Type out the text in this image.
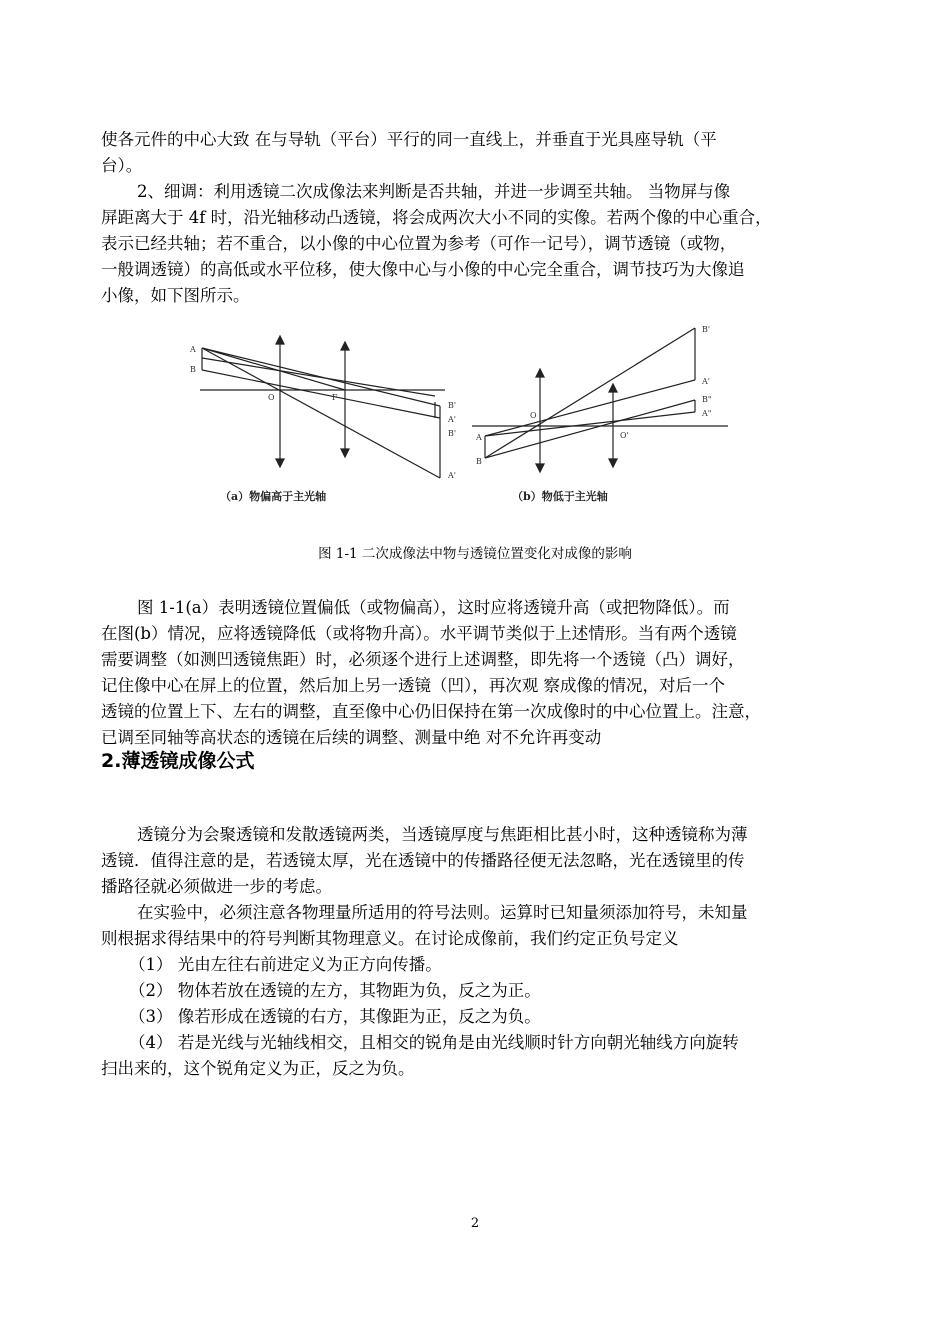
使各元件的中心大致 在与导轨（平台）平行的同一直线上，并垂直于光具座导轨（平
台）。
2、细调：利用透镜二次成像法来判断是否共轴，并进一步调至共轴。 当物屏与像
屏距离大于 4f 时，沿光轴移动凸透镜，将会成两次大小不同的实像。若两个像的中心重合，
表示已经共轴；若不重合，以小像的中心位置为参考（可作一记号），调节透镜（或物，
一般调透镜）的高低或水平位移，使大像中心与小像的中心完全重合，调节技巧为大像追
小像，如下图所示。
A
B
O	F
B'
A'
B'
A'
（a）物偏高于主光轴
B'
A'
B"
A"
O
O'
A
B
（b）物低于主光轴
图 1-1 二次成像法中物与透镜位置变化对成像的影响
图 1-1(a）表明透镜位置偏低（或物偏高），这时应将透镜升高（或把物降低）。而
在图(b）情况，应将透镜降低（或将物升高）。水平调节类似于上述情形。当有两个透镜
需要调整（如测凹透镜焦距）时，必须逐个进行上述调整，即先将一个透镜（凸）调好，
记住像中心在屏上的位置，然后加上另一透镜（凹），再次观 察成像的情况，对后一个
透镜的位置上下、左右的调整，直至像中心仍旧保持在第一次成像时的中心位置上。注意，
已调至同轴等高状态的透镜在后续的调整、测量中绝 对不允许再变动
2.薄透镜成像公式
透镜分为会聚透镜和发散透镜两类，当透镜厚度与焦距相比甚小时，这种透镜称为薄
透镜．值得注意的是，若透镜太厚，光在透镜中的传播路径便无法忽略，光在透镜里的传
播路径就必须做进一步的考虑。
在实验中，必须注意各物理量所适用的符号法则。运算时已知量须添加符号，未知量
则根据求得结果中的符号判断其物理意义。在讨论成像前，我们约定正负号定义
（1） 光由左往右前进定义为正方向传播。
（2） 物体若放在透镜的左方，其物距为负，反之为正。
（3） 像若形成在透镜的右方，其像距为正，反之为负。
（4） 若是光线与光轴线相交，且相交的锐角是由光线顺时针方向朝光轴线方向旋转
扫出来的，这个锐角定义为正，反之为负。
2
